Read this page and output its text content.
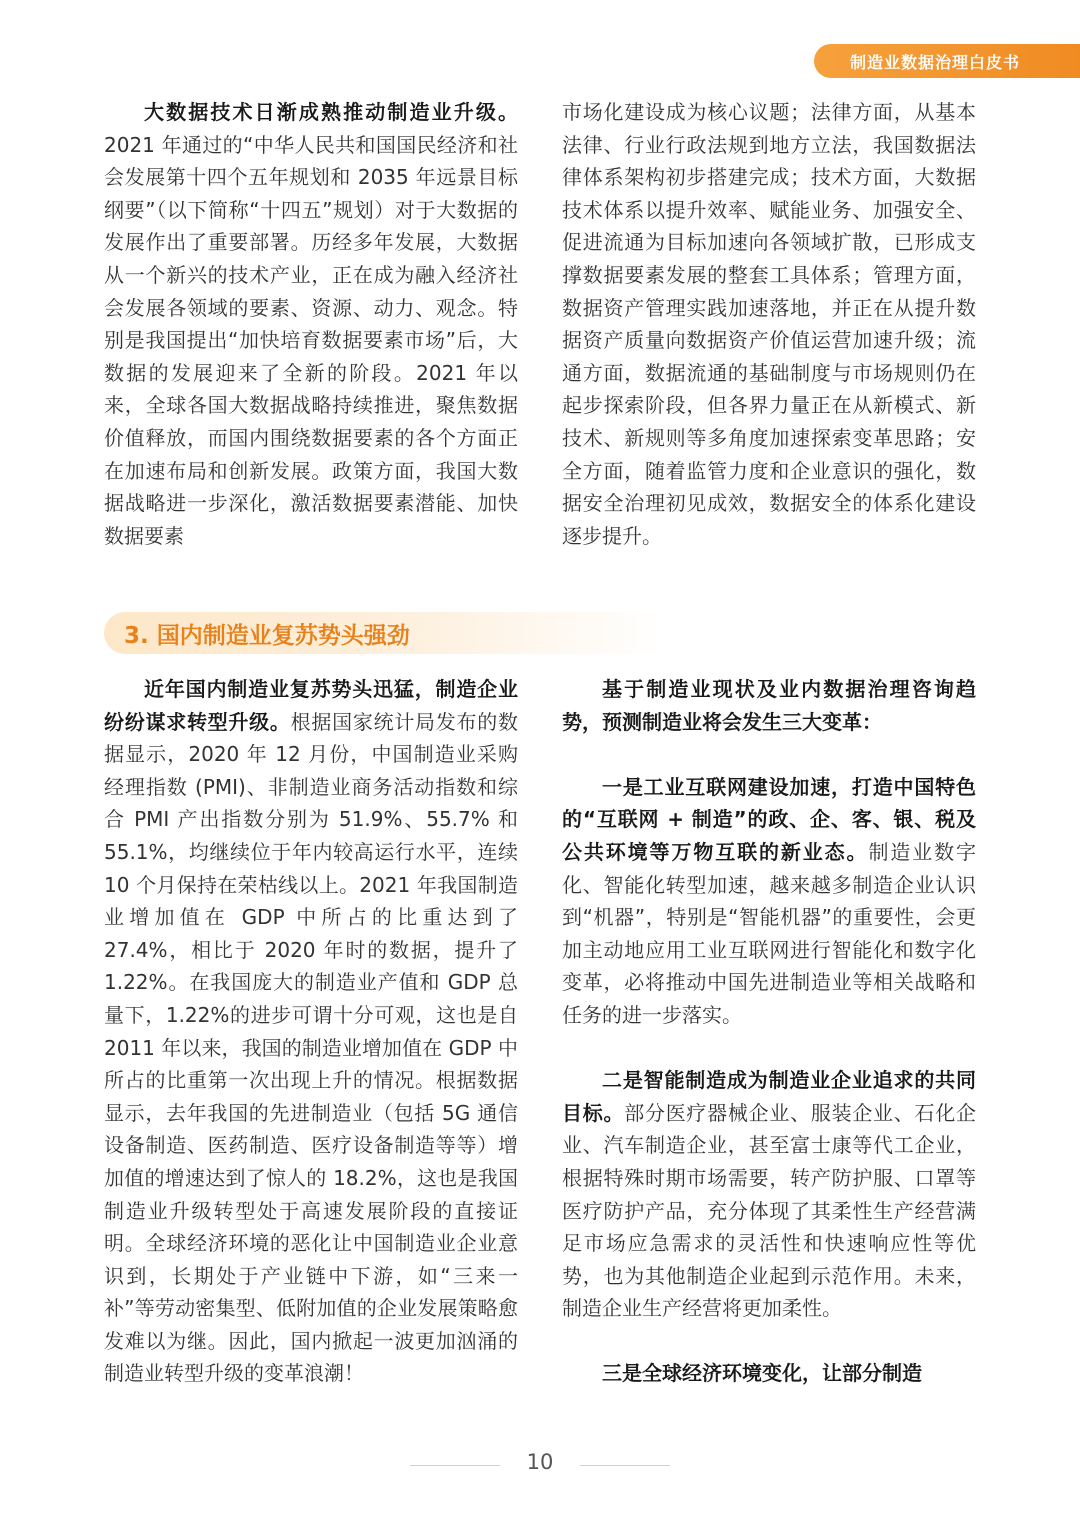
制造业数据治理白皮书

大数据技术日渐成熟推动制造业升级。2021 年通过的“中华人民共和国国民经济和社会发展第十四个五年规划和 2035 年远景目标纲要”（以下简称“十四五”规划）对于大数据的发展作出了重要部署。历经多年发展，大数据从一个新兴的技术产业，正在成为融入经济社会发展各领域的要素、资源、动力、观念。特别是我国提出“加快培育数据要素市场”后，大数据的发展迎来了全新的阶段。2021 年以来，全球各国大数据战略持续推进，聚焦数据价值释放，而国内围绕数据要素的各个方面正在加速布局和创新发展。政策方面，我国大数据战略进一步深化，激活数据要素潜能、加快数据要素

市场化建设成为核心议题；法律方面，从基本法律、行业行政法规到地方立法，我国数据法律体系架构初步搭建完成；技术方面，大数据技术体系以提升效率、赋能业务、加强安全、促进流通为目标加速向各领域扩散，已形成支撑数据要素发展的整套工具体系；管理方面，数据资产管理实践加速落地，并正在从提升数据资产质量向数据资产价值运营加速升级；流通方面，数据流通的基础制度与市场规则仍在起步探索阶段，但各界力量正在从新模式、新技术、新规则等多角度加速探索变革思路；安全方面，随着监管力度和企业意识的强化，数据安全治理初见成效，数据安全的体系化建设逐步提升。

3. 国内制造业复苏势头强劲

近年国内制造业复苏势头迅猛，制造企业纷纷谋求转型升级。根据国家统计局发布的数据显示，2020 年 12 月份，中国制造业采购经理指数 (PMI)、非制造业商务活动指数和综合 PMI 产出指数分别为 51.9%、55.7% 和 55.1%，均继续位于年内较高运行水平，连续 10 个月保持在荣枯线以上。2021 年我国制造业增加值在 GDP 中所占的比重达到了 27.4%，相比于 2020 年时的数据，提升了 1.22%。在我国庞大的制造业产值和 GDP 总量下，1.22%的进步可谓十分可观，这也是自 2011 年以来，我国的制造业增加值在 GDP 中所占的比重第一次出现上升的情况。根据数据显示，去年我国的先进制造业（包括 5G 通信设备制造、医药制造、医疗设备制造等等）增加值的增速达到了惊人的 18.2%，这也是我国制造业升级转型处于高速发展阶段的直接证明。全球经济环境的恶化让中国制造业企业意识到，长期处于产业链中下游，如“三来一补”等劳动密集型、低附加值的企业发展策略愈发难以为继。因此，国内掀起一波更加汹涌的制造业转型升级的变革浪潮！

基于制造业现状及业内数据治理咨询趋势，预测制造业将会发生三大变革：

一是工业互联网建设加速，打造中国特色的“互联网 + 制造”的政、企、客、银、税及公共环境等万物互联的新业态。制造业数字化、智能化转型加速，越来越多制造企业认识到“机器”，特别是“智能机器”的重要性，会更加主动地应用工业互联网进行智能化和数字化变革，必将推动中国先进制造业等相关战略和任务的进一步落实。

二是智能制造成为制造业企业追求的共同目标。部分医疗器械企业、服装企业、石化企业、汽车制造企业，甚至富士康等代工企业，根据特殊时期市场需要，转产防护服、口罩等医疗防护产品，充分体现了其柔性生产经营满足市场应急需求的灵活性和快速响应性等优势，也为其他制造企业起到示范作用。未来，制造企业生产经营将更加柔性。

三是全球经济环境变化，让部分制造

10
